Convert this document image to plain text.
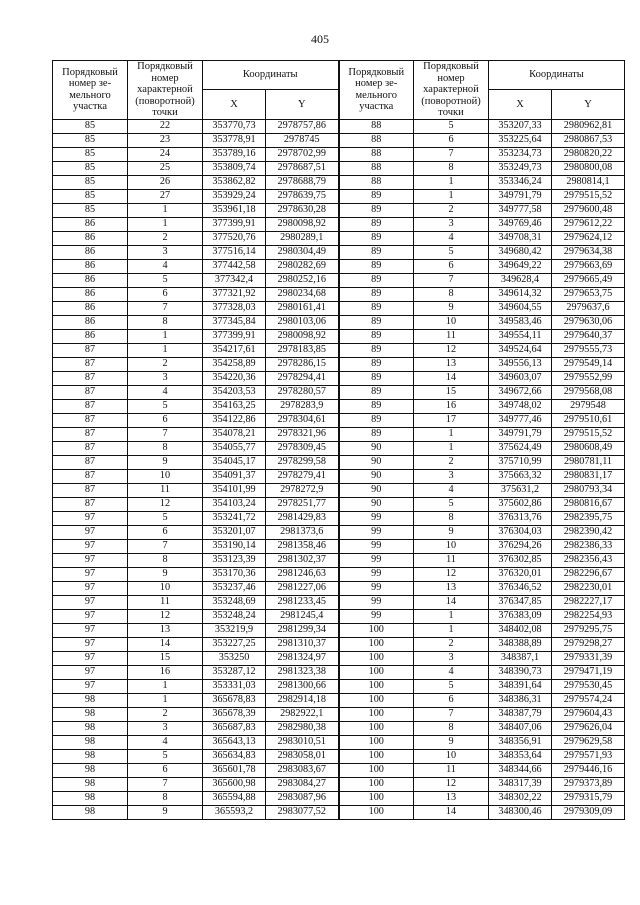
405
Порядковый номер зе- мельного участка	Порядковый номер характерной (поворотной) точки	Координаты		Порядковый номер зе- мельного участка	Порядковый номер характерной (поворотной) точки	Координаты	
		X	Y			X	Y
85	22	353770,73	2978757,86	88	5	353207,33	2980962,81
85	23	353778,91	2978745	88	6	353225,64	2980867,53
85	24	353789,16	2978702,99	88	7	353234,73	2980820,22
85	25	353809,74	2978687,51	88	8	353249,73	2980800,08
85	26	353862,82	2978688,79	88	1	353346,24	2980814,1
85	27	353929,24	2978639,75	89	1	349791,79	2979515,52
85	1	353961,18	2978630,28	89	2	349777,58	2979600,48
86	1	377399,91	2980098,92	89	3	349769,46	2979612,22
86	2	377520,76	2980289,1	89	4	349708,31	2979624,12
86	3	377516,14	2980304,49	89	5	349680,42	2979634,38
86	4	377442,58	2980282,69	89	6	349649,22	2979663,69
86	5	377342,4	2980252,16	89	7	349628,4	2979665,49
86	6	377321,92	2980234,68	89	8	349614,32	2979653,75
86	7	377328,03	2980161,41	89	9	349604,55	2979637,6
86	8	377345,84	2980103,06	89	10	349583,46	2979630,06
86	1	377399,91	2980098,92	89	11	349554,11	2979640,37
87	1	354217,61	2978183,85	89	12	349524,64	2979555,73
87	2	354258,89	2978286,15	89	13	349556,13	2979549,14
87	3	354220,36	2978294,41	89	14	349603,07	2979552,99
87	4	354203,53	2978280,57	89	15	349672,66	2979568,08
87	5	354163,25	2978283,9	89	16	349748,02	2979548
87	6	354122,86	2978304,61	89	17	349777,46	2979510,61
87	7	354078,21	2978321,96	89	1	349791,79	2979515,52
87	8	354055,77	2978309,45	90	1	375624,49	2980608,49
87	9	354045,17	2978299,58	90	2	375710,99	2980781,11
87	10	354091,37	2978279,41	90	3	375663,32	2980831,17
87	11	354101,99	2978272,9	90	4	375631,2	2980793,34
87	12	354103,24	2978251,77	90	5	375602,86	2980816,67
97	5	353241,72	2981429,83	99	8	376313,76	2982395,75
97	6	353201,07	2981373,6	99	9	376304,03	2982390,42
97	7	353190,14	2981358,46	99	10	376294,26	2982386,33
97	8	353123,39	2981302,37	99	11	376302,85	2982356,43
97	9	353170,36	2981246,63	99	12	376320,01	2982296,67
97	10	353237,46	2981227,06	99	13	376346,52	2982230,01
97	11	353248,69	2981233,45	99	14	376347,85	2982227,17
97	12	353248,24	2981245,4	99	1	376383,09	2982254,93
97	13	353219,9	2981299,34	100	1	348402,08	2979295,75
97	14	353227,25	2981310,37	100	2	348388,89	2979298,27
97	15	353250	2981324,97	100	3	348387,1	2979331,39
97	16	353287,12	2981323,38	100	4	348390,73	2979471,19
97	1	353331,03	2981300,66	100	5	348391,64	2979530,45
98	1	365678,83	2982914,18	100	6	348386,31	2979574,24
98	2	365678,39	2982922,1	100	7	348387,79	2979604,43
98	3	365687,83	2982980,38	100	8	348407,06	2979626,04
98	4	365643,13	2983010,51	100	9	348356,91	2979629,58
98	5	365634,83	2983058,01	100	10	348353,64	2979571,93
98	6	365601,78	2983083,67	100	11	348344,66	2979446,16
98	7	365600,98	2983084,27	100	12	348317,39	2979373,89
98	8	365594,88	2983087,96	100	13	348302,22	2979315,79
98	9	365593,2	2983077,52	100	14	348300,46	2979309,09
